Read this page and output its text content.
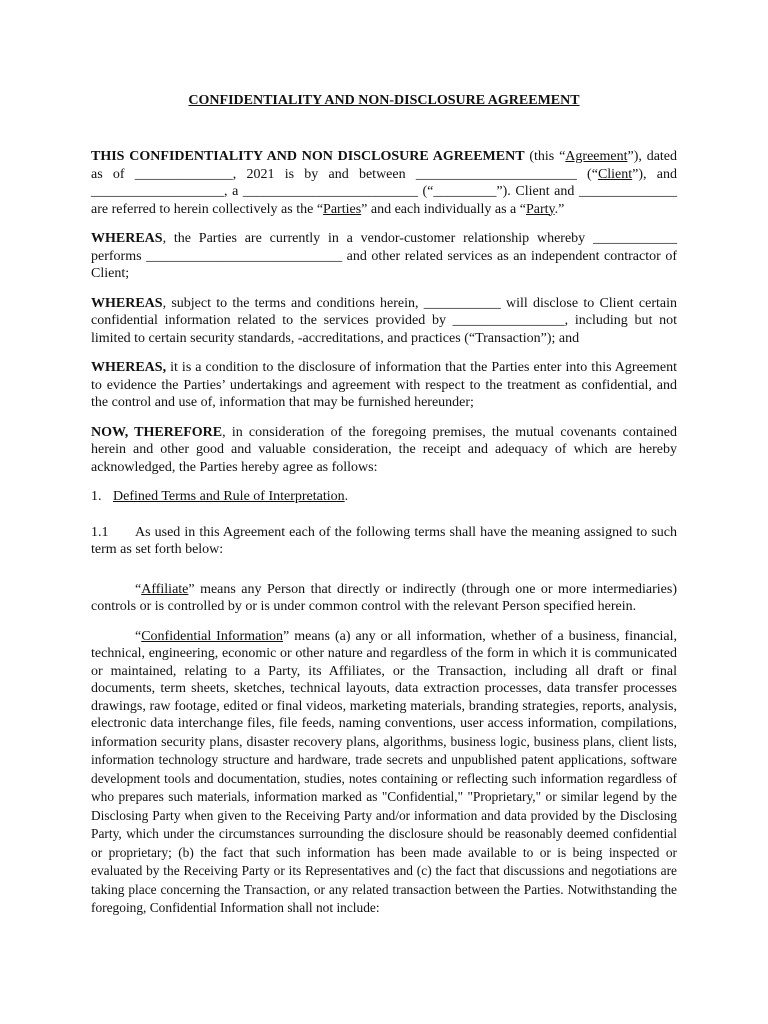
CONFIDENTIALITY AND NON-DISCLOSURE AGREEMENT

THIS CONFIDENTIALITY AND NON DISCLOSURE AGREEMENT (this “Agreement”), dated as of ______________, 2021 is by and between _______________________ (“Client”), and ___________________, a _________________________ (“_________”). Client and ______________ are referred to herein collectively as the “Parties” and each individually as a “Party.”

WHEREAS, the Parties are currently in a vendor-customer relationship whereby ____________ performs ____________________________ and other related services as an independent contractor of Client;

WHEREAS, subject to the terms and conditions herein, ___________ will disclose to Client certain confidential information related to the services provided by ________________, including but not limited to certain security standards, -accreditations, and practices (“Transaction”); and

WHEREAS, it is a condition to the disclosure of information that the Parties enter into this Agreement to evidence the Parties’ undertakings and agreement with respect to the treatment as confidential, and the control and use of, information that may be furnished hereunder;

NOW, THEREFORE, in consideration of the foregoing premises, the mutual covenants contained herein and other good and valuable consideration, the receipt and adequacy of which are hereby acknowledged, the Parties hereby agree as follows:

1. Defined Terms and Rule of Interpretation.

1.1 As used in this Agreement each of the following terms shall have the meaning assigned to such term as set forth below:

“Affiliate” means any Person that directly or indirectly (through one or more intermediaries) controls or is controlled by or is under common control with the relevant Person specified herein.

“Confidential Information” means (a) any or all information, whether of a business, financial, technical, engineering, economic or other nature and regardless of the form in which it is communicated or maintained, relating to a Party, its Affiliates, or the Transaction, including all draft or final documents, term sheets, sketches, technical layouts, data extraction processes, data transfer processes drawings, raw footage, edited or final videos, marketing materials, branding strategies, reports, analysis, electronic data interchange files, file feeds, naming conventions, user access information, compilations, information security plans, disaster recovery plans, algorithms, business logic, business plans, client lists, information technology structure and hardware, trade secrets and unpublished patent applications, software development tools and documentation, studies, notes containing or reflecting such information regardless of who prepares such materials, information marked as "Confidential," "Proprietary," or similar legend by the Disclosing Party when given to the Receiving Party and/or information and data provided by the Disclosing Party, which under the circumstances surrounding the disclosure should be reasonably deemed confidential or proprietary; (b) the fact that such information has been made available to or is being inspected or evaluated by the Receiving Party or its Representatives and (c) the fact that discussions and negotiations are taking place concerning the Transaction, or any related transaction between the Parties. Notwithstanding the foregoing, Confidential Information shall not include:
